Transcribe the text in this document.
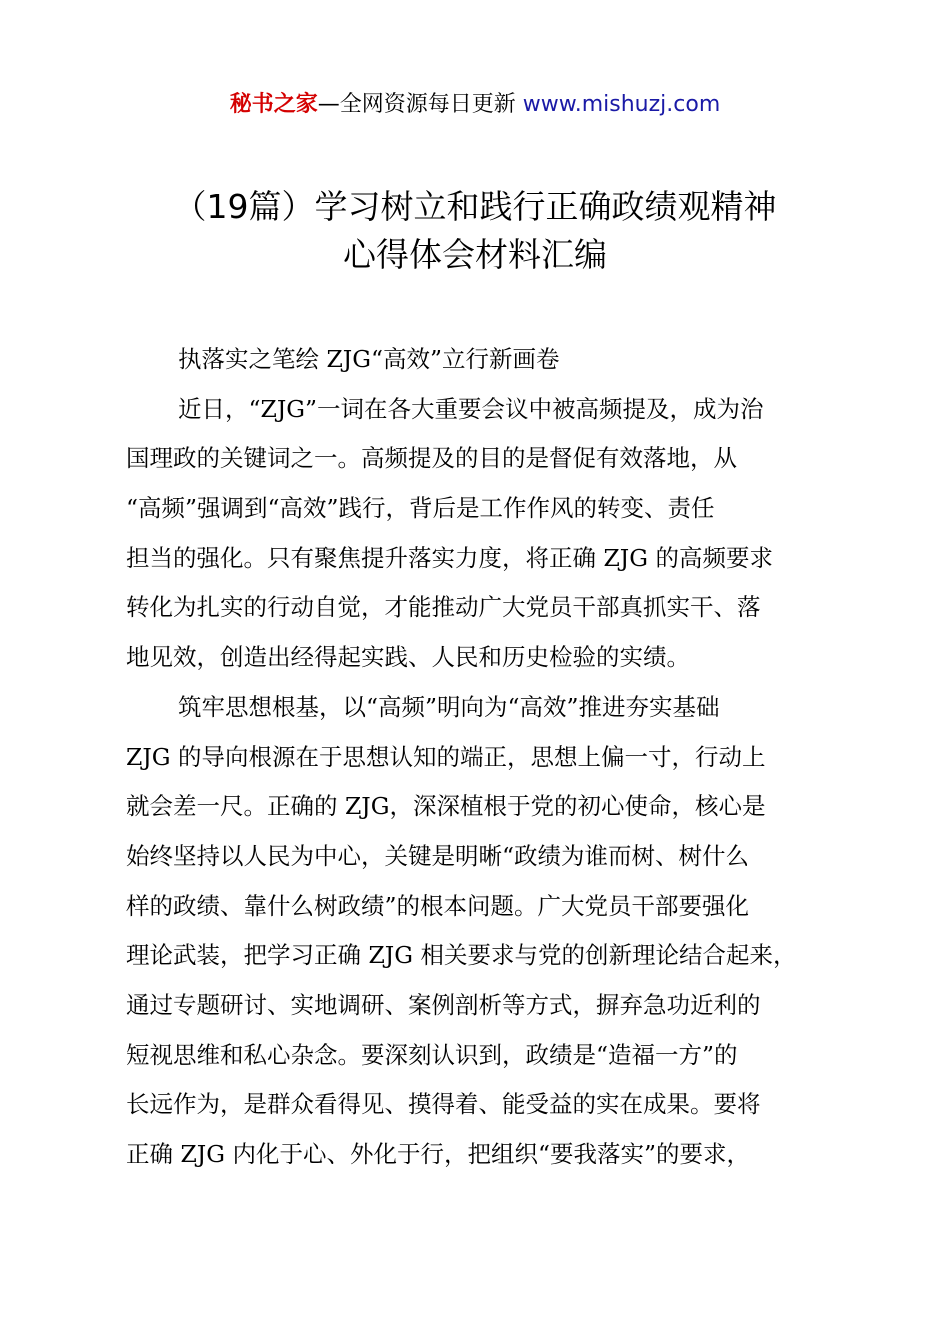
秘书之家—全网资源每日更新 www.mishuzj.com
（19篇）学习树立和践行正确政绩观精神
心得体会材料汇编
执落实之笔绘 ZJG“高效”立行新画卷
近日，“ZJG”一词在各大重要会议中被高频提及，成为治
国理政的关键词之一。高频提及的目的是督促有效落地，从
“高频”强调到“高效”践行，背后是工作作风的转变、责任
担当的强化。只有聚焦提升落实力度，将正确 ZJG 的高频要求
转化为扎实的行动自觉，才能推动广大党员干部真抓实干、落
地见效，创造出经得起实践、人民和历史检验的实绩。
筑牢思想根基，以“高频”明向为“高效”推进夯实基础
ZJG 的导向根源在于思想认知的端正，思想上偏一寸，行动上
就会差一尺。正确的 ZJG，深深植根于党的初心使命，核心是
始终坚持以人民为中心，关键是明晰“政绩为谁而树、树什么
样的政绩、靠什么树政绩”的根本问题。广大党员干部要强化
理论武装，把学习正确 ZJG 相关要求与党的创新理论结合起来，
通过专题研讨、实地调研、案例剖析等方式，摒弃急功近利的
短视思维和私心杂念。要深刻认识到，政绩是“造福一方”的
长远作为，是群众看得见、摸得着、能受益的实在成果。要将
正确 ZJG 内化于心、外化于行，把组织“要我落实”的要求，
